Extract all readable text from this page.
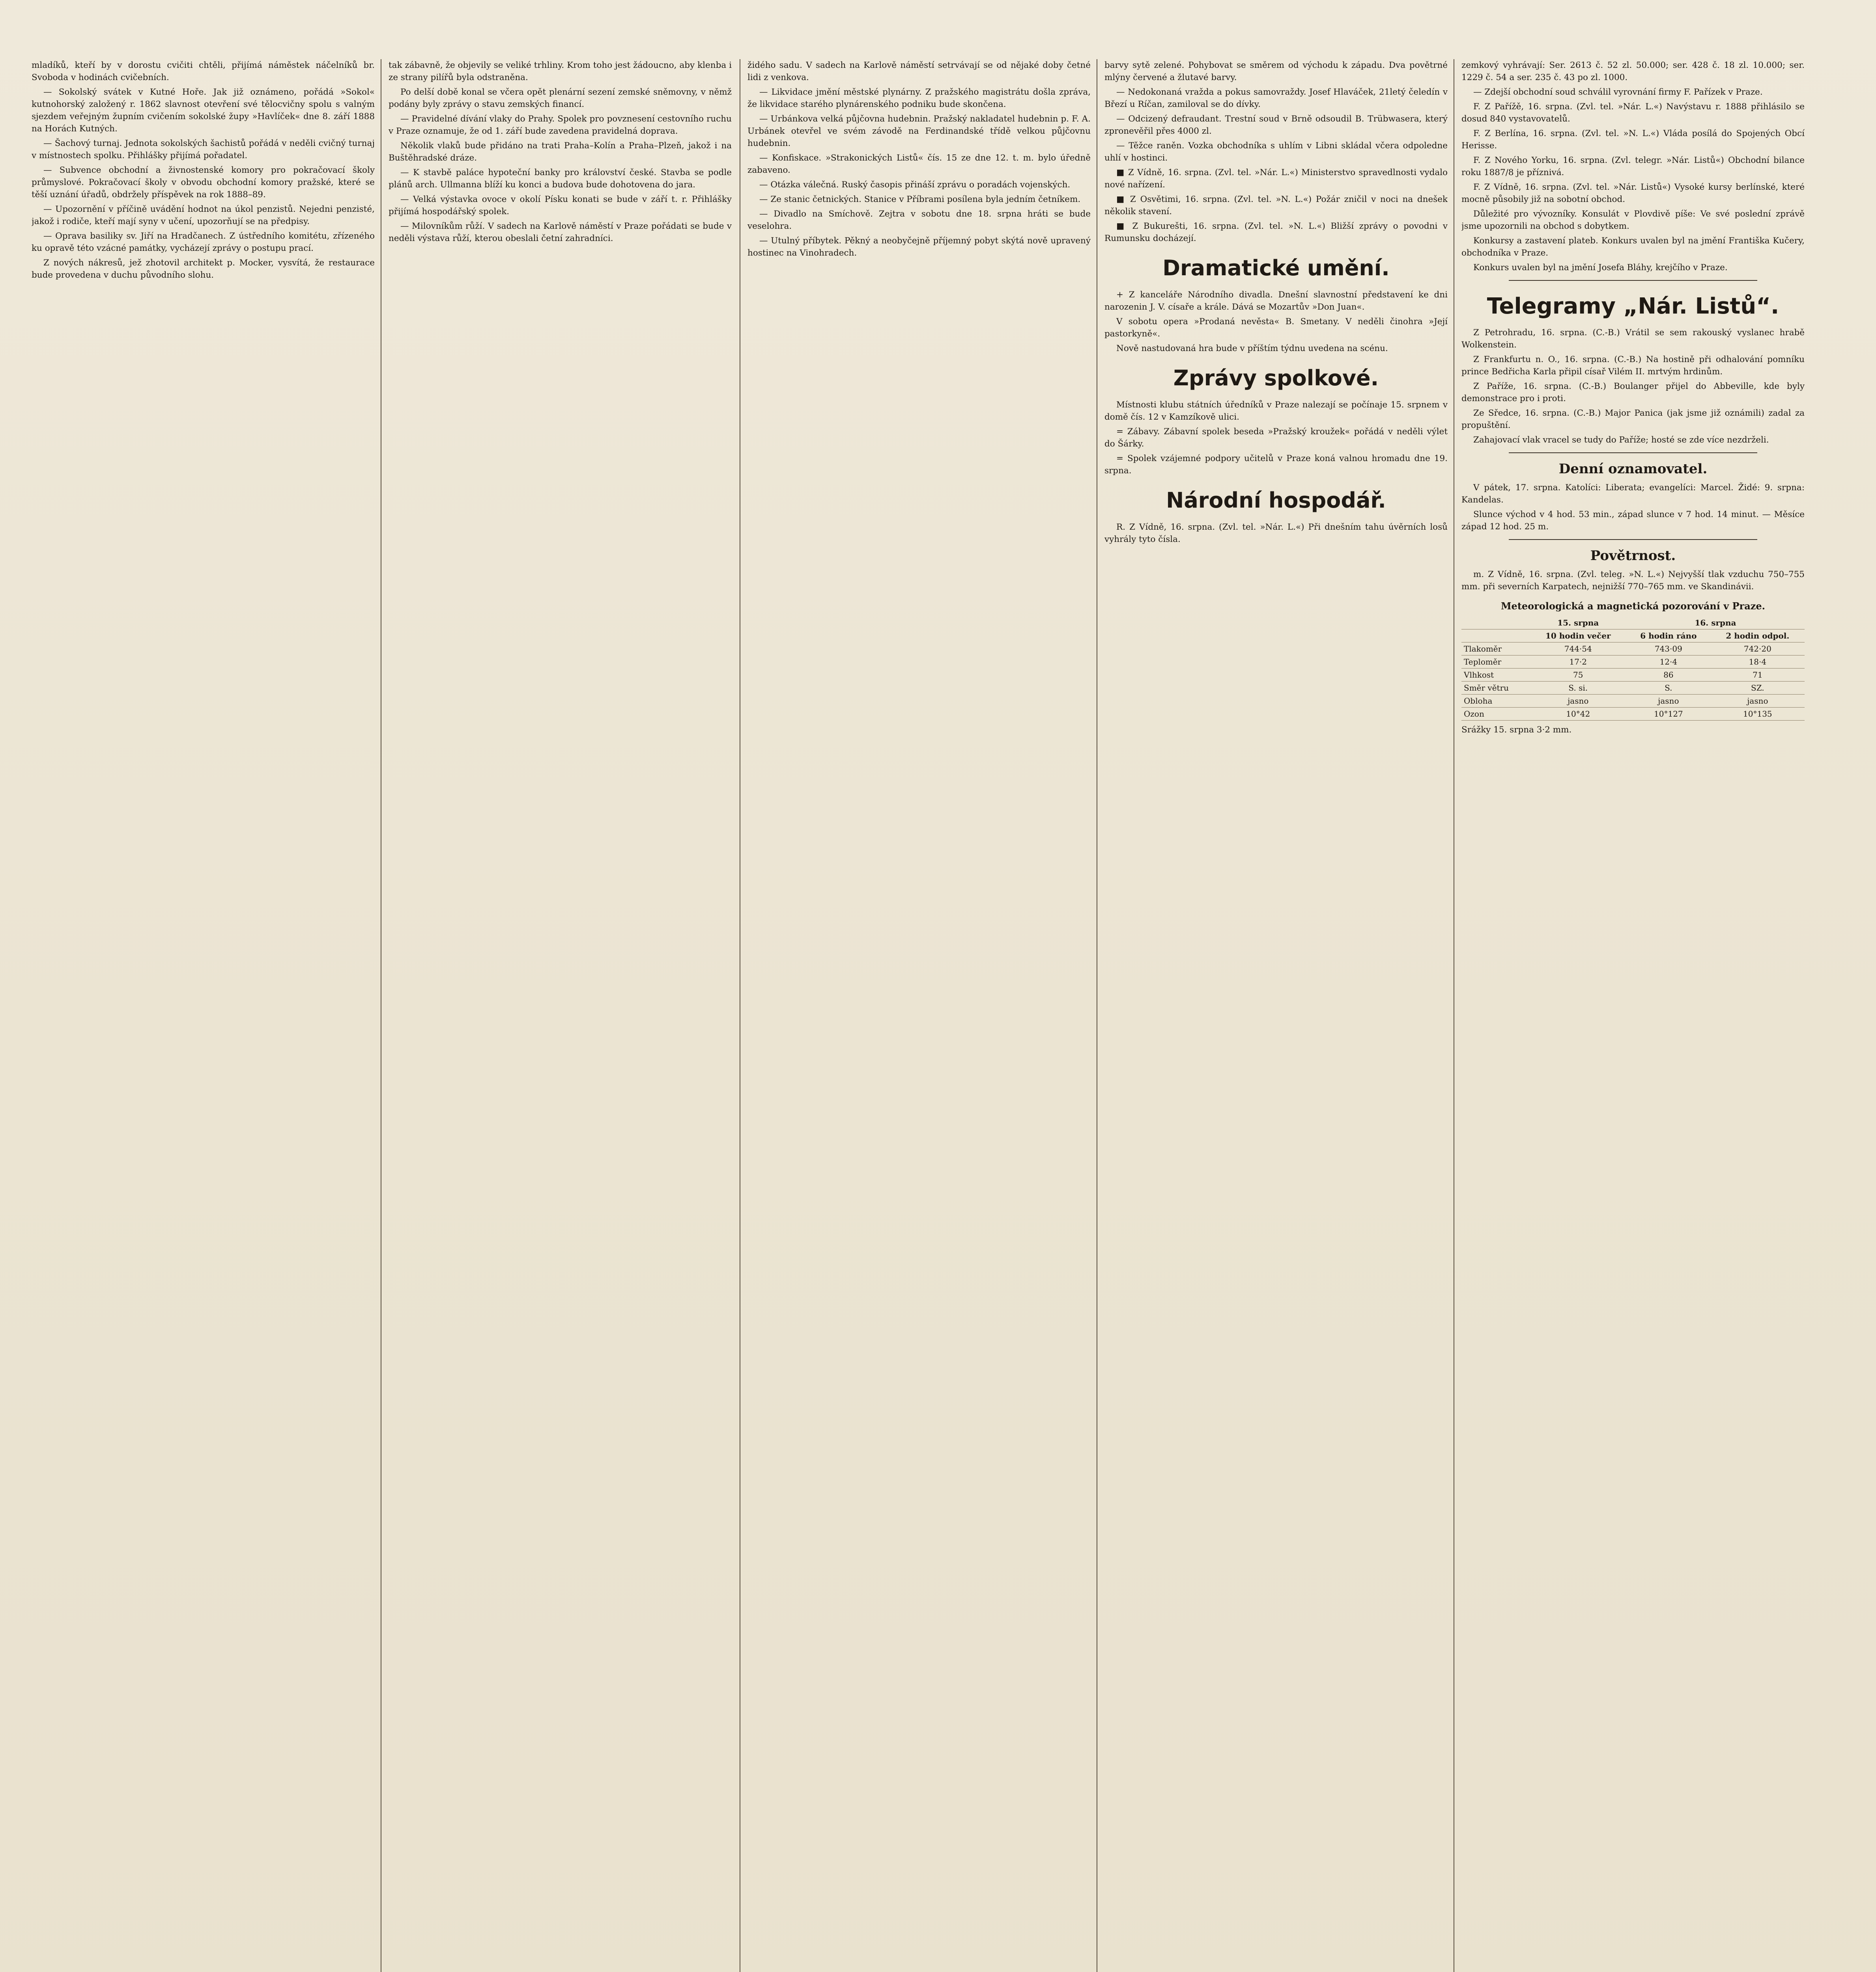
mladíků, kteří by v dorostu cvičiti chtěli, přijímá náměstek náčelníků br. Svoboda v hodinách cvičebních.

— Sokolský svátek v Kutné Hoře. Jak již oznámeno, pořádá »Sokol« kutnohorský založený r. 1862 slavnost otevření své tělocvičny spolu s valným sjezdem veřejným župním cvičením sokolské župy »Havlíček« dne 8. září 1888 na Horách Kutných.

— Šachový turnaj. Jednota sokolských šachistů pořádá v neděli cvičný turnaj v místnostech spolku. Přihlášky přijímá pořadatel.

— Subvence obchodní a živnostenské komory pro pokračovací školy průmyslové. Pokračovací školy v obvodu obchodní komory pražské, které se těší uznání úřadů, obdržely příspěvek na rok 1888–89.

— Upozornění v příčině uvádění hodnot na úkol penzistů. Nejedni penzisté, jakož i rodiče, kteří mají syny v učení, upozorňují se na předpisy.

— Oprava basiliky sv. Jiří na Hradčanech. Z ústředního komitétu, zřízeného ku opravě této vzácné památky, vycházejí zprávy o postupu prací.

Z nových nákresů, jež zhotovil architekt p. Mocker, vysvítá, že restaurace bude provedena v duchu původního slohu.

tak zábavně, že objevily se veliké trhliny. Krom toho jest žádoucno, aby klenba i ze strany pilířů byla odstraněna.

Po delší době konal se včera opět plenární sezení zemské sněmovny, v němž podány byly zprávy o stavu zemských financí.

— Pravidelné dívání vlaky do Prahy. Spolek pro povznesení cestovního ruchu v Praze oznamuje, že od 1. září bude zavedena pravidelná doprava.

Několik vlaků bude přidáno na trati Praha–Kolín a Praha–Plzeň, jakož i na Buštěhradské dráze.

— K stavbě paláce hypoteční banky pro království české. Stavba se podle plánů arch. Ullmanna blíží ku konci a budova bude dohotovena do jara.

— Velká výstavka ovoce v okolí Písku konati se bude v září t. r. Přihlášky přijímá hospodářský spolek.

— Milovníkům růží. V sadech na Karlově náměstí v Praze pořádati se bude v neděli výstava růží, kterou obeslali četní zahradníci.

židého sadu. V sadech na Karlově náměstí setrvávají se od nějaké doby četné lidi z venkova.

— Likvidace jmění městské plynárny. Z pražského magistrátu došla zpráva, že likvidace starého plynárenského podniku bude skončena.

— Urbánkova velká půjčovna hudebnin. Pražský nakladatel hudebnin p. F. A. Urbánek otevřel ve svém závodě na Ferdinandské třídě velkou půjčovnu hudebnin.

— Konfiskace. »Strakonických Listů« čís. 15 ze dne 12. t. m. bylo úředně zabaveno.

— Otázka válečná. Ruský časopis přináší zprávu o poradách vojenských.

— Ze stanic četnických. Stanice v Příbrami posílena byla jedním četníkem.

— Divadlo na Smíchově. Zejtra v sobotu dne 18. srpna hráti se bude veselohra.

— Utulný příbytek. Pěkný a neobyčejně příjemný pobyt skýtá nově upravený hostinec na Vinohradech.

barvy sytě zelené. Pohybovat se směrem od východu k západu. Dva povětrné mlýny červené a žlutavé barvy.

— Nedokonaná vražda a pokus samovraždy. Josef Hlaváček, 21letý čeledín v Březí u Ríčan, zamiloval se do dívky.

— Odcizený defraudant. Trestní soud v Brně odsoudil B. Trübwasera, který zpronevěřil přes 4000 zl.

— Těžce raněn. Vozka obchodníka s uhlím v Libni skládal včera odpoledne uhlí v hostinci.

■ Z Vídně, 16. srpna. (Zvl. tel. »Nár. L.«) Ministerstvo spravedlnosti vydalo nové nařízení.

■ Z Osvětimi, 16. srpna. (Zvl. tel. »N. L.«) Požár zničil v noci na dnešek několik stavení.

■ Z Bukurešti, 16. srpna. (Zvl. tel. »N. L.«) Bližší zprávy o povodni v Rumunsku docházejí.

Dramatické umění.

+ Z kanceláře Národního divadla. Dnešní slavnostní představení ke dni narozenin J. V. císaře a krále. Dává se Mozartův »Don Juan«.

V sobotu opera »Prodaná nevěsta« B. Smetany. V neděli činohra »Její pastorkyně«.

Nově nastudovaná hra bude v příštím týdnu uvedena na scénu.

Zprávy spolkové.

Místnosti klubu státních úředníků v Praze nalezají se počínaje 15. srpnem v domě čís. 12 v Kamzíkově ulici.

= Zábavy. Zábavní spolek beseda »Pražský kroužek« pořádá v neděli výlet do Šárky.

= Spolek vzájemné podpory učitelů v Praze koná valnou hromadu dne 19. srpna.

Národní hospodář.

R. Z Vídně, 16. srpna. (Zvl. tel. »Nár. L.«) Při dnešním tahu úvěrních losů vyhrály tyto čísla.

zemkový vyhrávají: Ser. 2613 č. 52 zl. 50.000; ser. 428 č. 18 zl. 10.000; ser. 1229 č. 54 a ser. 235 č. 43 po zl. 1000.

— Zdejší obchodní soud schválil vyrovnání firmy F. Pařízek v Praze.

F. Z Pařížě, 16. srpna. (Zvl. tel. »Nár. L.«) Navýstavu r. 1888 přihlásilo se dosud 840 vystavovatelů.

F. Z Berlína, 16. srpna. (Zvl. tel. »N. L.«) Vláda posílá do Spojených Obcí Herisse.

F. Z Nového Yorku, 16. srpna. (Zvl. telegr. »Nár. Listů«) Obchodní bilance roku 1887/8 je příznivá.

F. Z Vídně, 16. srpna. (Zvl. tel. »Nár. Listů«) Vysoké kursy berlínské, které mocně působily již na sobotní obchod.

Důležité pro vývozníky. Konsulát v Plovdivě píše: Ve své poslední zprávě jsme upozornili na obchod s dobytkem.

Konkursy a zastavení plateb. Konkurs uvalen byl na jmění Františka Kučery, obchodníka v Praze.

Konkurs uvalen byl na jmění Josefa Bláhy, krejčího v Praze.

Telegramy „Nár. Listů“.

Z Petrohradu, 16. srpna. (C.-B.) Vrátil se sem rakouský vyslanec hrabě Wolkenstein.

Z Frankfurtu n. O., 16. srpna. (C.-B.) Na hostině při odhalování pomníku prince Bedřicha Karla připil císař Vilém II. mrtvým hrdinům.

Z Paříže, 16. srpna. (C.-B.) Boulanger přijel do Abbeville, kde byly demonstrace pro i proti.

Ze Sředce, 16. srpna. (C.-B.) Major Panica (jak jsme již oznámili) zadal za propuštění.

Zahajovací vlak vracel se tudy do Paříže; hosté se zde více nezdrželi.

Denní oznamovatel.

V pátek, 17. srpna. Katolíci: Liberata; evangelíci: Marcel. Židé: 9. srpna: Kandelas.

Slunce východ v 4 hod. 53 min., západ slunce v 7 hod. 14 minut. — Měsíce západ 12 hod. 25 m.

Povětrnost.

m. Z Vídně, 16. srpna. (Zvl. teleg. »N. L.«) Nejvyšší tlak vzduchu 750–755 mm. při severních Karpatech, nejnižší 770–765 mm. ve Skandinávii.

Meteorologická a magnetická pozorování v Praze.
	15. srpna	16. srpna	
	10 hodin večer	6 hodin ráno	2 hodin odpol.
Tlakoměr	744·54	743·09	742·20
Teploměr	17·2	12·4	18·4
Vlhkost	75	86	71
Směr větru	S. si.	S.	SZ.
Obloha	jasno	jasno	jasno
Ozon	10°42	10°127	10°135

Srážky 15. srpna 3·2 mm.
